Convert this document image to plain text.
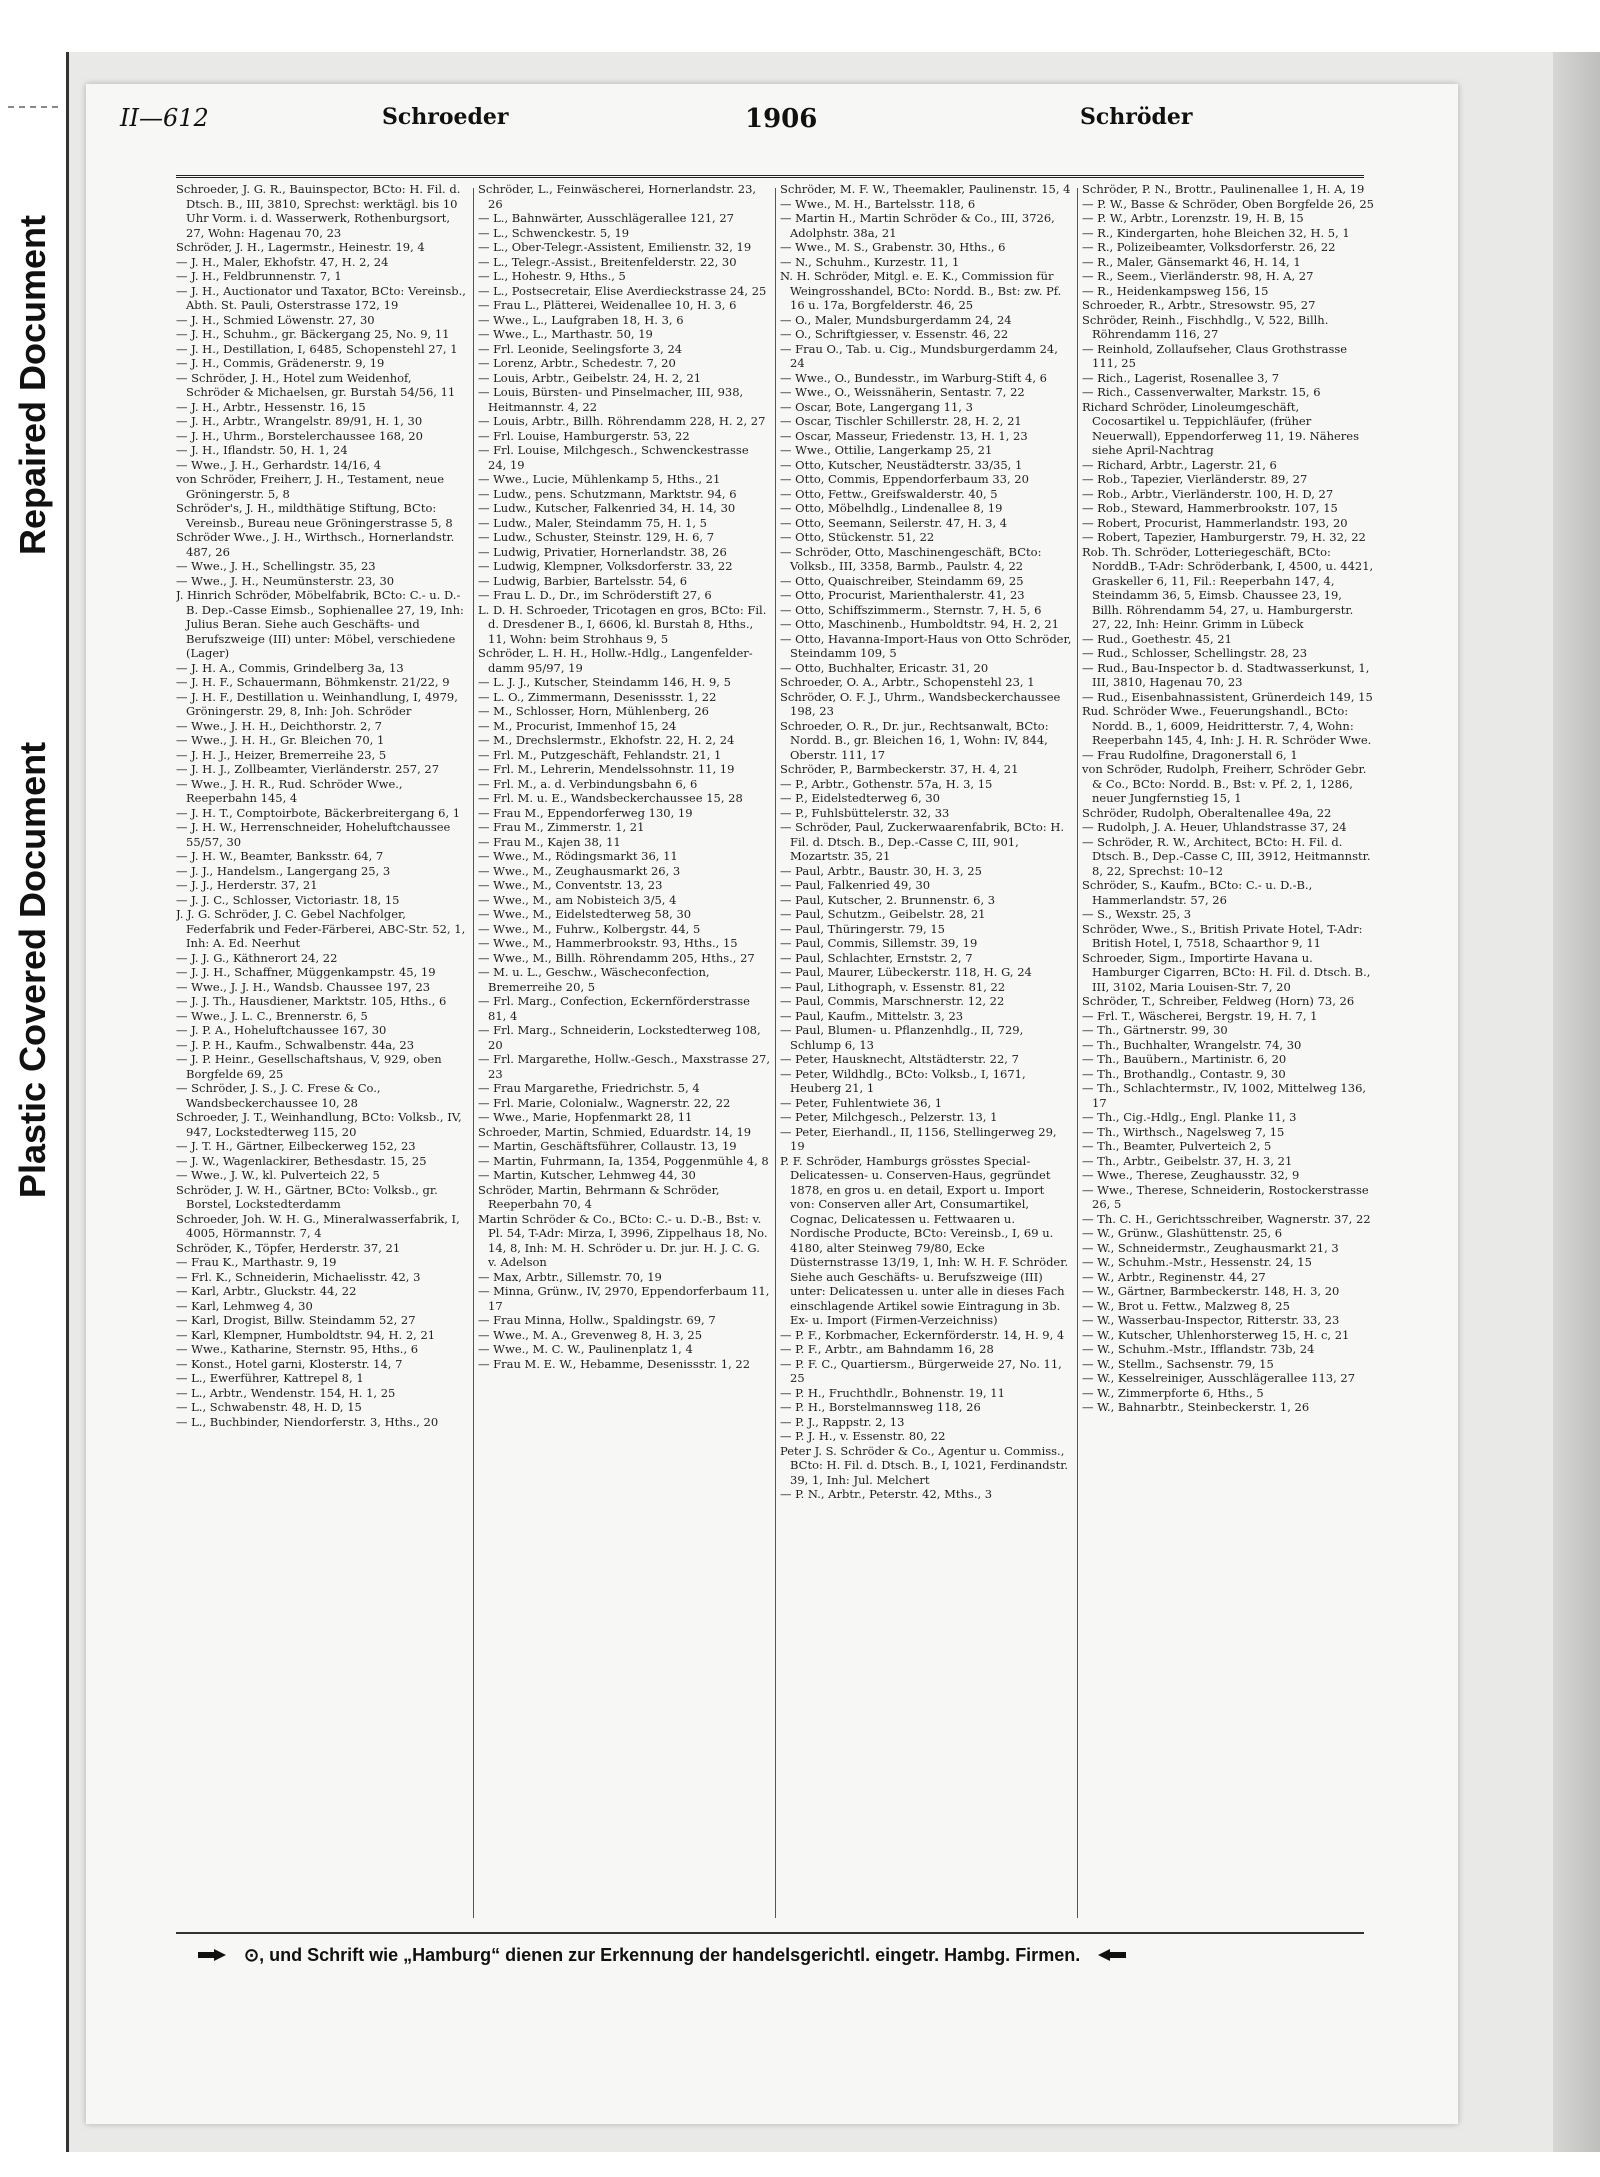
Repaired Document
Plastic Covered Document
II—612	Schroeder	1906	Schröder

Schroeder, J. G. R., Bauinspector, BCto: H. Fil. d. Dtsch. B., III, 3810, Sprechst: werktägl. bis 10 Uhr Vorm. i. d. Wasserwerk, Rothenburgsort, 27, Wohn: Hagenau 70, 23

Schröder, J. H., Lagermstr., Heinestr. 19, 4

— J. H., Maler, Ekhofstr. 47, H. 2, 24

— J. H., Feldbrunnenstr. 7, 1

— J. H., Auctionator und Taxator, BCto: Vereinsb., Abth. St. Pauli, Osterstrasse 172, 19

— J. H., Schmied Löwenstr. 27, 30

— J. H., Schuhm., gr. Bäckergang 25, No. 9, 11

— J. H., Destillation, I, 6485, Schopenstehl 27, 1

— J. H., Commis, Grädenerstr. 9, 19

— Schröder, J. H., Hotel zum Weidenhof, Schröder & Michaelsen, gr. Burstah 54/56, 11

— J. H., Arbtr., Hessenstr. 16, 15

— J. H., Arbtr., Wrangelstr. 89/91, H. 1, 30

— J. H., Uhrm., Borstelerchaussee 168, 20

— J. H., Iflandstr. 50, H. 1, 24

— Wwe., J. H., Gerhardstr. 14/16, 4

von Schröder, Freiherr, J. H., Testament, neue Gröningerstr. 5, 8

Schröder's, J. H., mildthätige Stiftung, BCto: Vereinsb., Bureau neue Gröningerstrasse 5, 8

Schröder Wwe., J. H., Wirthsch., Hornerlandstr. 487, 26

— Wwe., J. H., Schellingstr. 35, 23

— Wwe., J. H., Neumünsterstr. 23, 30

J. Hinrich Schröder, Möbelfabrik, BCto: C.- u. D.-B. Dep.-Casse Eimsb., Sophienallee 27, 19, Inh: Julius Beran. Siehe auch Geschäfts- und Berufszweige (III) unter: Möbel, verschiedene (Lager)

— J. H. A., Commis, Grindelberg 3a, 13

— J. H. F., Schauermann, Böhmkenstr. 21/22, 9

— J. H. F., Destillation u. Weinhandlung, I, 4979, Gröningerstr. 29, 8, Inh: Joh. Schröder

— Wwe., J. H. H., Deichthorstr. 2, 7

— Wwe., J. H. H., Gr. Bleichen 70, 1

— J. H. J., Heizer, Bremerreihe 23, 5

— J. H. J., Zollbeamter, Vierländerstr. 257, 27

— Wwe., J. H. R., Rud. Schröder Wwe., Reeperbahn 145, 4

— J. H. T., Comptoirbote, Bäckerbreitergang 6, 1

— J. H. W., Herrenschneider, Hoheluftchaussee 55/57, 30

— J. H. W., Beamter, Banksstr. 64, 7

— J. J., Handelsm., Langergang 25, 3

— J. J., Herderstr. 37, 21

— J. J. C., Schlosser, Victoriastr. 18, 15

J. J. G. Schröder, J. C. Gebel Nachfolger, Federfabrik und Feder-Färberei, ABC-Str. 52, 1, Inh: A. Ed. Neerhut

— J. J. G., Käthnerort 24, 22

— J. J. H., Schaffner, Müggenkampstr. 45, 19

— Wwe., J. J. H., Wandsb. Chaussee 197, 23

— J. J. Th., Hausdiener, Marktstr. 105, Hths., 6

— Wwe., J. L. C., Brennerstr. 6, 5

— J. P. A., Hoheluftchaussee 167, 30

— J. P. H., Kaufm., Schwalbenstr. 44a, 23

— J. P. Heinr., Gesellschaftshaus, V, 929, oben Borgfelde 69, 25

— Schröder, J. S., J. C. Frese & Co., Wandsbeckerchaussee 10, 28

Schroeder, J. T., Weinhandlung, BCto: Volksb., IV, 947, Lockstedterweg 115, 20

— J. T. H., Gärtner, Eilbeckerweg 152, 23

— J. W., Wagenlackirer, Bethesdastr. 15, 25

— Wwe., J. W., kl. Pulverteich 22, 5

Schröder, J. W. H., Gärtner, BCto: Volksb., gr. Borstel, Lockstedterdamm

Schroeder, Joh. W. H. G., Mineralwasserfabrik, I, 4005, Hörmannstr. 7, 4

Schröder, K., Töpfer, Herderstr. 37, 21

— Frau K., Marthastr. 9, 19

— Frl. K., Schneiderin, Michaelisstr. 42, 3

— Karl, Arbtr., Gluckstr. 44, 22

— Karl, Lehmweg 4, 30

— Karl, Drogist, Billw. Steindamm 52, 27

— Karl, Klempner, Humboldtstr. 94, H. 2, 21

— Wwe., Katharine, Sternstr. 95, Hths., 6

— Konst., Hotel garni, Klosterstr. 14, 7

— L., Ewerführer, Kattrepel 8, 1

— L., Arbtr., Wendenstr. 154, H. 1, 25

— L., Schwabenstr. 48, H. D, 15

— L., Buchbinder, Niendorferstr. 3, Hths., 20

Schröder, L., Feinwäscherei, Hornerlandstr. 23, 26

— L., Bahnwärter, Ausschlägerallee 121, 27

— L., Schwenckestr. 5, 19

— L., Ober-Telegr.-Assistent, Emilienstr. 32, 19

— L., Telegr.-Assist., Breitenfelderstr. 22, 30

— L., Hohestr. 9, Hths., 5

— L., Postsecretair, Elise Averdieckstrasse 24, 25

— Frau L., Plätterei, Weidenallee 10, H. 3, 6

— Wwe., L., Laufgraben 18, H. 3, 6

— Wwe., L., Marthastr. 50, 19

— Frl. Leonide, Seelingsforte 3, 24

— Lorenz, Arbtr., Schedestr. 7, 20

— Louis, Arbtr., Geibelstr. 24, H. 2, 21

— Louis, Bürsten- und Pinselmacher, III, 938, Heitmannstr. 4, 22

— Louis, Arbtr., Billh. Röhrendamm 228, H. 2, 27

— Frl. Louise, Hamburgerstr. 53, 22

— Frl. Louise, Milchgesch., Schwenckestrasse 24, 19

— Wwe., Lucie, Mühlenkamp 5, Hths., 21

— Ludw., pens. Schutzmann, Marktstr. 94, 6

— Ludw., Kutscher, Falkenried 34, H. 14, 30

— Ludw., Maler, Steindamm 75, H. 1, 5

— Ludw., Schuster, Steinstr. 129, H. 6, 7

— Ludwig, Privatier, Hornerlandstr. 38, 26

— Ludwig, Klempner, Volksdorferstr. 33, 22

— Ludwig, Barbier, Bartelsstr. 54, 6

— Frau L. D., Dr., im Schröderstift 27, 6

L. D. H. Schroeder, Tricotagen en gros, BCto: Fil. d. Dresdener B., I, 6606, kl. Burstah 8, Hths., 11, Wohn: beim Strohhaus 9, 5

Schröder, L. H. H., Hollw.-Hdlg., Langenfelder-damm 95/97, 19

— L. J. J., Kutscher, Steindamm 146, H. 9, 5

— L. O., Zimmermann, Desenissstr. 1, 22

— M., Schlosser, Horn, Mühlenberg, 26

— M., Procurist, Immenhof 15, 24

— M., Drechslermstr., Ekhofstr. 22, H. 2, 24

— Frl. M., Putzgeschäft, Fehlandstr. 21, 1

— Frl. M., Lehrerin, Mendelssohnstr. 11, 19

— Frl. M., a. d. Verbindungsbahn 6, 6

— Frl. M. u. E., Wandsbeckerchaussee 15, 28

— Frau M., Eppendorferweg 130, 19

— Frau M., Zimmerstr. 1, 21

— Frau M., Kajen 38, 11

— Wwe., M., Rödingsmarkt 36, 11

— Wwe., M., Zeughausmarkt 26, 3

— Wwe., M., Conventstr. 13, 23

— Wwe., M., am Nobisteich 3/5, 4

— Wwe., M., Eidelstedterweg 58, 30

— Wwe., M., Fuhrw., Kolbergstr. 44, 5

— Wwe., M., Hammerbrookstr. 93, Hths., 15

— Wwe., M., Billh. Röhrendamm 205, Hths., 27

— M. u. L., Geschw., Wäscheconfection, Bremerreihe 20, 5

— Frl. Marg., Confection, Eckernförderstrasse 81, 4

— Frl. Marg., Schneiderin, Lockstedterweg 108, 20

— Frl. Margarethe, Hollw.-Gesch., Maxstrasse 27, 23

— Frau Margarethe, Friedrichstr. 5, 4

— Frl. Marie, Colonialw., Wagnerstr. 22, 22

— Wwe., Marie, Hopfenmarkt 28, 11

Schroeder, Martin, Schmied, Eduardstr. 14, 19

— Martin, Geschäftsführer, Collaustr. 13, 19

— Martin, Fuhrmann, Ia, 1354, Poggenmühle 4, 8

— Martin, Kutscher, Lehmweg 44, 30

Schröder, Martin, Behrmann & Schröder, Reeperbahn 70, 4

Martin Schröder & Co., BCto: C.- u. D.-B., Bst: v. Pl. 54, T-Adr: Mirza, I, 3996, Zippelhaus 18, No. 14, 8, Inh: M. H. Schröder u. Dr. jur. H. J. C. G. v. Adelson

— Max, Arbtr., Sillemstr. 70, 19

— Minna, Grünw., IV, 2970, Eppendorferbaum 11, 17

— Frau Minna, Hollw., Spaldingstr. 69, 7

— Wwe., M. A., Grevenweg 8, H. 3, 25

— Wwe., M. C. W., Paulinenplatz 1, 4

— Frau M. E. W., Hebamme, Desenissstr. 1, 22

Schröder, M. F. W., Theemakler, Paulinenstr. 15, 4

— Wwe., M. H., Bartelsstr. 118, 6

— Martin H., Martin Schröder & Co., III, 3726, Adolphstr. 38a, 21

— Wwe., M. S., Grabenstr. 30, Hths., 6

— N., Schuhm., Kurzestr. 11, 1

N. H. Schröder, Mitgl. e. E. K., Commission für Weingrosshandel, BCto: Nordd. B., Bst: zw. Pf. 16 u. 17a, Borgfelderstr. 46, 25

— O., Maler, Mundsburgerdamm 24, 24

— O., Schriftgiesser, v. Essenstr. 46, 22

— Frau O., Tab. u. Cig., Mundsburgerdamm 24, 24

— Wwe., O., Bundesstr., im Warburg-Stift 4, 6

— Wwe., O., Weissnäherin, Sentastr. 7, 22

— Oscar, Bote, Langergang 11, 3

— Oscar, Tischler Schillerstr. 28, H. 2, 21

— Oscar, Masseur, Friedenstr. 13, H. 1, 23

— Wwe., Ottilie, Langerkamp 25, 21

— Otto, Kutscher, Neustädterstr. 33/35, 1

— Otto, Commis, Eppendorferbaum 33, 20

— Otto, Fettw., Greifswalderstr. 40, 5

— Otto, Möbelhdlg., Lindenallee 8, 19

— Otto, Seemann, Seilerstr. 47, H. 3, 4

— Otto, Stückenstr. 51, 22

— Schröder, Otto, Maschinengeschäft, BCto: Volksb., III, 3358, Barmb., Paulstr. 4, 22

— Otto, Quaischreiber, Steindamm 69, 25

— Otto, Procurist, Marienthalerstr. 41, 23

— Otto, Schiffszimmerm., Sternstr. 7, H. 5, 6

— Otto, Maschinenb., Humboldtstr. 94, H. 2, 21

— Otto, Havanna-Import-Haus von Otto Schröder, Steindamm 109, 5

— Otto, Buchhalter, Ericastr. 31, 20

Schroeder, O. A., Arbtr., Schopenstehl 23, 1

Schröder, O. F. J., Uhrm., Wandsbeckerchaussee 198, 23

Schroeder, O. R., Dr. jur., Rechtsanwalt, BCto: Nordd. B., gr. Bleichen 16, 1, Wohn: IV, 844, Oberstr. 111, 17

Schröder, P., Barmbeckerstr. 37, H. 4, 21

— P., Arbtr., Gothenstr. 57a, H. 3, 15

— P., Eidelstedterweg 6, 30

— P., Fuhlsbüttelerstr. 32, 33

— Schröder, Paul, Zuckerwaarenfabrik, BCto: H. Fil. d. Dtsch. B., Dep.-Casse C, III, 901, Mozartstr. 35, 21

— Paul, Arbtr., Baustr. 30, H. 3, 25

— Paul, Falkenried 49, 30

— Paul, Kutscher, 2. Brunnenstr. 6, 3

— Paul, Schutzm., Geibelstr. 28, 21

— Paul, Thüringerstr. 79, 15

— Paul, Commis, Sillemstr. 39, 19

— Paul, Schlachter, Ernststr. 2, 7

— Paul, Maurer, Lübeckerstr. 118, H. G, 24

— Paul, Lithograph, v. Essenstr. 81, 22

— Paul, Commis, Marschnerstr. 12, 22

— Paul, Kaufm., Mittelstr. 3, 23

— Paul, Blumen- u. Pflanzenhdlg., II, 729, Schlump 6, 13

— Peter, Hausknecht, Altstädterstr. 22, 7

— Peter, Wildhdlg., BCto: Volksb., I, 1671, Heuberg 21, 1

— Peter, Fuhlentwiete 36, 1

— Peter, Milchgesch., Pelzerstr. 13, 1

— Peter, Eierhandl., II, 1156, Stellingerweg 29, 19

P. F. Schröder, Hamburgs grösstes Special-Delicatessen- u. Conserven-Haus, gegründet 1878, en gros u. en detail, Export u. Import von: Conserven aller Art, Consumartikel, Cognac, Delicatessen u. Fettwaaren u. Nordische Producte, BCto: Vereinsb., I, 69 u. 4180, alter Steinweg 79/80, Ecke Düsternstrasse 13/19, 1, Inh: W. H. F. Schröder. Siehe auch Geschäfts- u. Berufszweige (III) unter: Delicatessen u. unter alle in dieses Fach einschlagende Artikel sowie Eintragung in 3b. Ex- u. Import (Firmen-Verzeichniss)

— P. F., Korbmacher, Eckernförderstr. 14, H. 9, 4

— P. F., Arbtr., am Bahndamm 16, 28

— P. F. C., Quartiersm., Bürgerweide 27, No. 11, 25

— P. H., Fruchthdlr., Bohnenstr. 19, 11

— P. H., Borstelmannsweg 118, 26

— P. J., Rappstr. 2, 13

— P. J. H., v. Essenstr. 80, 22

Peter J. S. Schröder & Co., Agentur u. Commiss., BCto: H. Fil. d. Dtsch. B., I, 1021, Ferdinandstr. 39, 1, Inh: Jul. Melchert

— P. N., Arbtr., Peterstr. 42, Mths., 3

Schröder, P. N., Brottr., Paulinenallee 1, H. A, 19

— P. W., Basse & Schröder, Oben Borgfelde 26, 25

— P. W., Arbtr., Lorenzstr. 19, H. B, 15

— R., Kindergarten, hohe Bleichen 32, H. 5, 1

— R., Polizeibeamter, Volksdorferstr. 26, 22

— R., Maler, Gänsemarkt 46, H. 14, 1

— R., Seem., Vierländerstr. 98, H. A, 27

— R., Heidenkampsweg 156, 15

Schroeder, R., Arbtr., Stresowstr. 95, 27

Schröder, Reinh., Fischhdlg., V, 522, Billh. Röhrendamm 116, 27

— Reinhold, Zollaufseher, Claus Grothstrasse 111, 25

— Rich., Lagerist, Rosenallee 3, 7

— Rich., Cassenverwalter, Markstr. 15, 6

Richard Schröder, Linoleumgeschäft, Cocosartikel u. Teppichläufer, (früher Neuerwall), Eppendorferweg 11, 19. Näheres siehe April-Nachtrag

— Richard, Arbtr., Lagerstr. 21, 6

— Rob., Tapezier, Vierländerstr. 89, 27

— Rob., Arbtr., Vierländerstr. 100, H. D, 27

— Rob., Steward, Hammerbrookstr. 107, 15

— Robert, Procurist, Hammerlandstr. 193, 20

— Robert, Tapezier, Hamburgerstr. 79, H. 32, 22

Rob. Th. Schröder, Lotteriegeschäft, BCto: NorddB., T-Adr: Schröderbank, I, 4500, u. 4421, Graskeller 6, 11, Fil.: Reeperbahn 147, 4, Steindamm 36, 5, Eimsb. Chaussee 23, 19, Billh. Röhrendamm 54, 27, u. Hamburgerstr. 27, 22, Inh: Heinr. Grimm in Lübeck

— Rud., Goethestr. 45, 21

— Rud., Schlosser, Schellingstr. 28, 23

— Rud., Bau-Inspector b. d. Stadtwasserkunst, 1, III, 3810, Hagenau 70, 23

— Rud., Eisenbahnassistent, Grünerdeich 149, 15

Rud. Schröder Wwe., Feuerungshandl., BCto: Nordd. B., 1, 6009, Heidritterstr. 7, 4, Wohn: Reeperbahn 145, 4, Inh: J. H. R. Schröder Wwe.

— Frau Rudolfine, Dragonerstall 6, 1

von Schröder, Rudolph, Freiherr, Schröder Gebr. & Co., BCto: Nordd. B., Bst: v. Pf. 2, 1, 1286, neuer Jungfernstieg 15, 1

Schröder, Rudolph, Oberaltenallee 49a, 22

— Rudolph, J. A. Heuer, Uhlandstrasse 37, 24

— Schröder, R. W., Architect, BCto: H. Fil. d. Dtsch. B., Dep.-Casse C, III, 3912, Heitmannstr. 8, 22, Sprechst: 10–12

Schröder, S., Kaufm., BCto: C.- u. D.-B., Hammerlandstr. 57, 26

— S., Wexstr. 25, 3

Schröder, Wwe., S., British Private Hotel, T-Adr: British Hotel, I, 7518, Schaarthor 9, 11

Schroeder, Sigm., Importirte Havana u. Hamburger Cigarren, BCto: H. Fil. d. Dtsch. B., III, 3102, Maria Louisen-Str. 7, 20

Schröder, T., Schreiber, Feldweg (Horn) 73, 26

— Frl. T., Wäscherei, Bergstr. 19, H. 7, 1

— Th., Gärtnerstr. 99, 30

— Th., Buchhalter, Wrangelstr. 74, 30

— Th., Bauübern., Martinistr. 6, 20

— Th., Brothandlg., Contastr. 9, 30

— Th., Schlachtermstr., IV, 1002, Mittelweg 136, 17

— Th., Cig.-Hdlg., Engl. Planke 11, 3

— Th., Wirthsch., Nagelsweg 7, 15

— Th., Beamter, Pulverteich 2, 5

— Th., Arbtr., Geibelstr. 37, H. 3, 21

— Wwe., Therese, Zeughausstr. 32, 9

— Wwe., Therese, Schneiderin, Rostockerstrasse 26, 5

— Th. C. H., Gerichtsschreiber, Wagnerstr. 37, 22

— W., Grünw., Glashüttenstr. 25, 6

— W., Schneidermstr., Zeughausmarkt 21, 3

— W., Schuhm.-Mstr., Hessenstr. 24, 15

— W., Arbtr., Reginenstr. 44, 27

— W., Gärtner, Barmbeckerstr. 148, H. 3, 20

— W., Brot u. Fettw., Malzweg 8, 25

— W., Wasserbau-Inspector, Ritterstr. 33, 23

— W., Kutscher, Uhlenhorsterweg 15, H. c, 21

— W., Schuhm.-Mstr., Ifflandstr. 73b, 24

— W., Stellm., Sachsenstr. 79, 15

— W., Kesselreiniger, Ausschlägerallee 113, 27

— W., Zimmerpforte 6, Hths., 5

— W., Bahnarbtr., Steinbeckerstr. 1, 26

⊙, und Schrift wie „Hamburg“ dienen zur Erkennung der handelsgerichtl. eingetr. Hambg. Firmen.
